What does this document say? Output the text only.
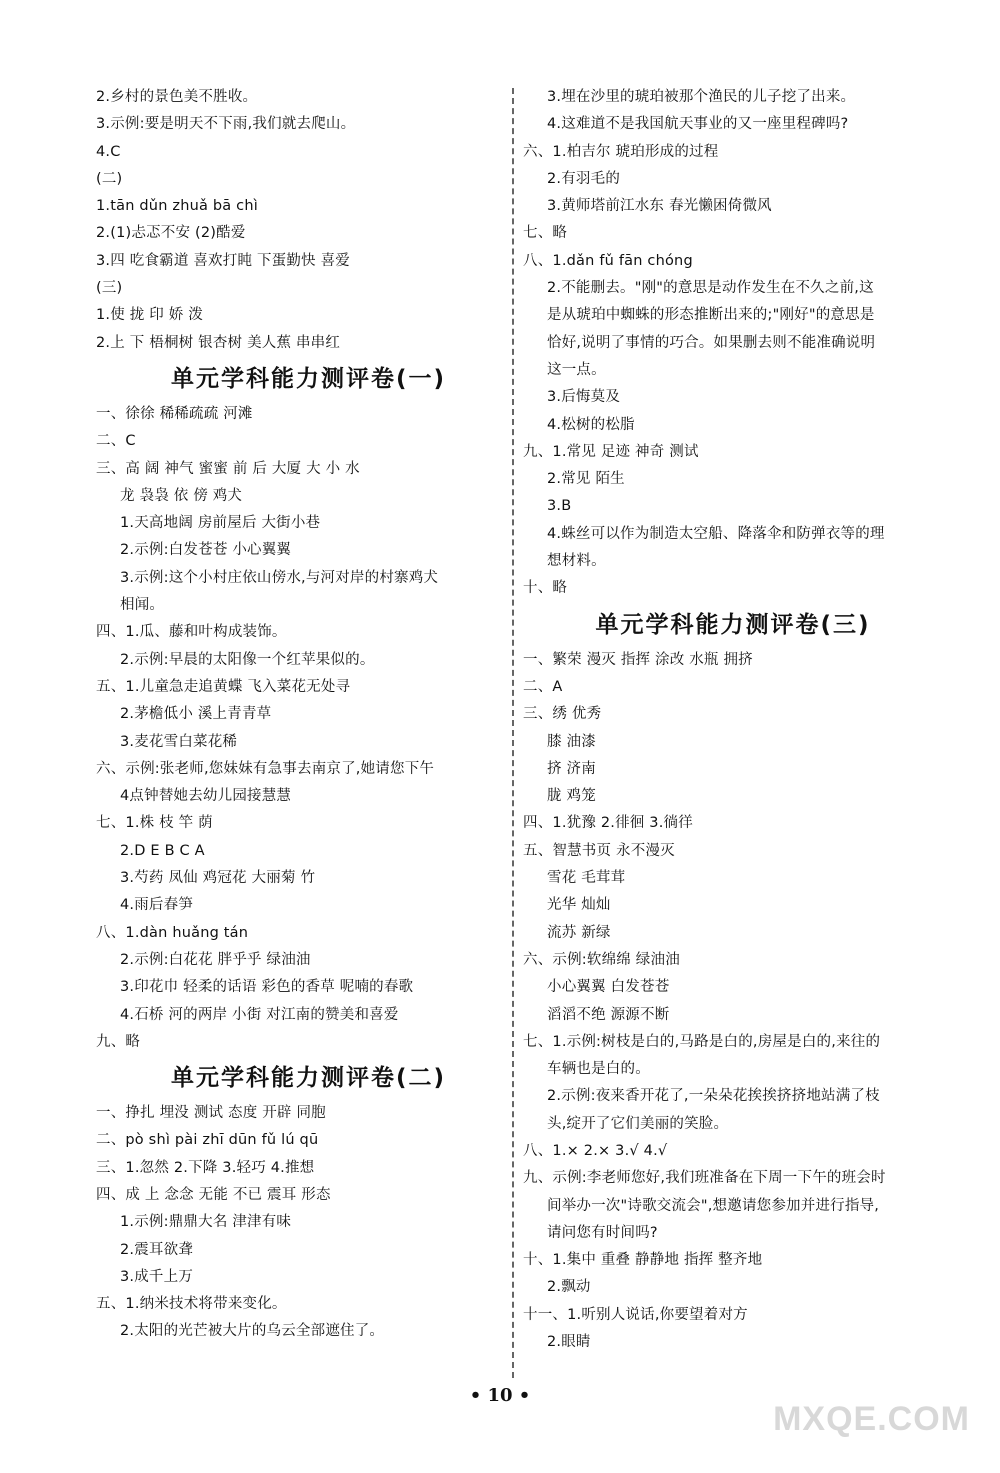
2.乡村的景色美不胜收。
3.示例:要是明天不下雨,我们就去爬山。
4.C
(二)
1.tān dǔn zhuǎ bā chì
2.(1)忐忑不安 (2)酷爱
3.四 吃食霸道 喜欢打盹 下蛋勤快 喜爱
(三)
1.使 拢 印 娇 泼
2.上 下 梧桐树 银杏树 美人蕉 串串红
单元学科能力测评卷(一)
一、徐徐 稀稀疏疏 河滩
二、C
三、高 阔 神气 蜜蜜 前 后 大厦 大 小 水
龙 袅袅 依 傍 鸡犬
1.天高地阔 房前屋后 大街小巷
2.示例:白发苍苍 小心翼翼
3.示例:这个小村庄依山傍水,与河对岸的村寨鸡犬
相闻。
四、1.瓜、藤和叶构成装饰。
2.示例:早晨的太阳像一个红苹果似的。
五、1.儿童急走追黄蝶 飞入菜花无处寻
2.茅檐低小 溪上青青草
3.麦花雪白菜花稀
六、示例:张老师,您妹妹有急事去南京了,她请您下午
4点钟替她去幼儿园接慧慧
七、1.株 枝 竿 荫
2.D E B C A
3.芍药 凤仙 鸡冠花 大丽菊 竹
4.雨后春笋
八、1.dàn huǎng tán
2.示例:白花花 胖乎乎 绿油油
3.印花巾 轻柔的话语 彩色的香草 呢喃的春歌
4.石桥 河的两岸 小街 对江南的赞美和喜爱
九、略
单元学科能力测评卷(二)
一、挣扎 埋没 测试 态度 开辟 同胞
二、pò shì pài zhī dūn fǔ lú qū
三、1.忽然 2.下降 3.轻巧 4.推想
四、成 上 念念 无能 不已 震耳 形态
1.示例:鼎鼎大名 津津有味
2.震耳欲聋
3.成千上万
五、1.纳米技术将带来变化。
2.太阳的光芒被大片的乌云全部遮住了。
3.埋在沙里的琥珀被那个渔民的儿子挖了出来。
4.这难道不是我国航天事业的又一座里程碑吗?
六、1.柏吉尔 琥珀形成的过程
2.有羽毛的
3.黄师塔前江水东 春光懒困倚微风
七、略
八、1.dǎn fǔ fān chóng
2.不能删去。"刚"的意思是动作发生在不久之前,这
是从琥珀中蜘蛛的形态推断出来的;"刚好"的意思是
恰好,说明了事情的巧合。如果删去则不能准确说明
这一点。
3.后悔莫及
4.松树的松脂
九、1.常见 足迹 神奇 测试
2.常见 陌生
3.B
4.蛛丝可以作为制造太空船、降落伞和防弹衣等的理
想材料。
十、略
单元学科能力测评卷(三)
一、繁荣 漫灭 指挥 涂改 水瓶 拥挤
二、A
三、绣 优秀
膝 油漆
挤 济南
胧 鸡笼
四、1.犹豫 2.徘徊 3.徜徉
五、智慧书页 永不漫灭
雪花 毛茸茸
光华 灿灿
流苏 新绿
六、示例:软绵绵 绿油油
小心翼翼 白发苍苍
滔滔不绝 源源不断
七、1.示例:树枝是白的,马路是白的,房屋是白的,来往的
车辆也是白的。
2.示例:夜来香开花了,一朵朵花挨挨挤挤地站满了枝
头,绽开了它们美丽的笑脸。
八、1.× 2.× 3.√ 4.√
九、示例:李老师您好,我们班准备在下周一下午的班会时
间举办一次"诗歌交流会",想邀请您参加并进行指导,
请问您有时间吗?
十、1.集中 重叠 静静地 指挥 整齐地
2.飘动
十一、1.听别人说话,你要望着对方
2.眼睛
• 10 •
MXQE.COM
